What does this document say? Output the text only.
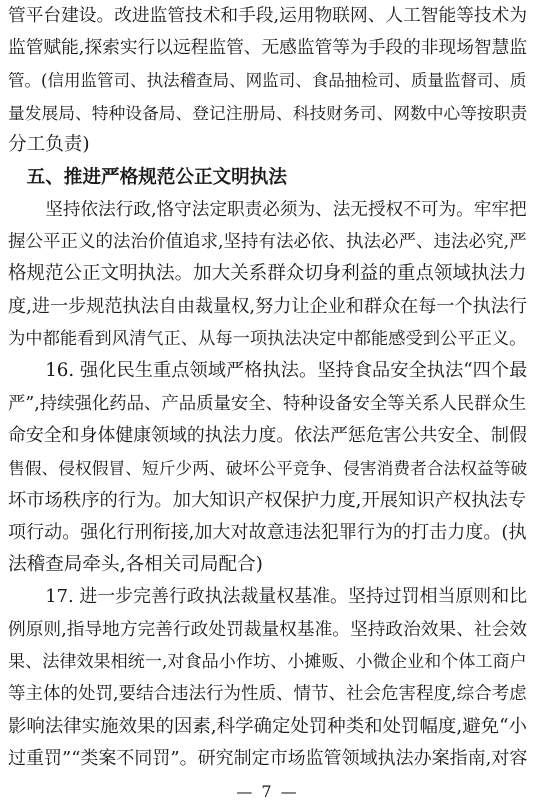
管平台建设。改进监管技术和手段,运用物联网、人工智能等技术为
监管赋能,探索实行以远程监管、无感监管等为手段的非现场智慧监
管。(信用监管司、执法稽查局、网监司、食品抽检司、质量监督司、质
量发展局、特种设备局、登记注册局、科技财务司、网数中心等按职责
分工负责)
五、推进严格规范公正文明执法
坚持依法行政,恪守法定职责必须为、法无授权不可为。牢牢把
握公平正义的法治价值追求,坚持有法必依、执法必严、违法必究,严
格规范公正文明执法。加大关系群众切身利益的重点领域执法力
度,进一步规范执法自由裁量权,努力让企业和群众在每一个执法行
为中都能看到风清气正、从每一项执法决定中都能感受到公平正义。
16. 强化民生重点领域严格执法。坚持食品安全执法“四个最
严”,持续强化药品、产品质量安全、特种设备安全等关系人民群众生
命安全和身体健康领域的执法力度。依法严惩危害公共安全、制假
售假、侵权假冒、短斤少两、破坏公平竞争、侵害消费者合法权益等破
坏市场秩序的行为。加大知识产权保护力度,开展知识产权执法专
项行动。强化行刑衔接,加大对故意违法犯罪行为的打击力度。(执
法稽查局牵头,各相关司局配合)
17. 进一步完善行政执法裁量权基准。坚持过罚相当原则和比
例原则,指导地方完善行政处罚裁量权基准。坚持政治效果、社会效
果、法律效果相统一,对食品小作坊、小摊贩、小微企业和个体工商户
等主体的处罚,要结合违法行为性质、情节、社会危害程度,综合考虑
影响法律实施效果的因素,科学确定处罚种类和处罚幅度,避免“小
过重罚”“类案不同罚”。研究制定市场监管领域执法办案指南,对容
— 7 —
